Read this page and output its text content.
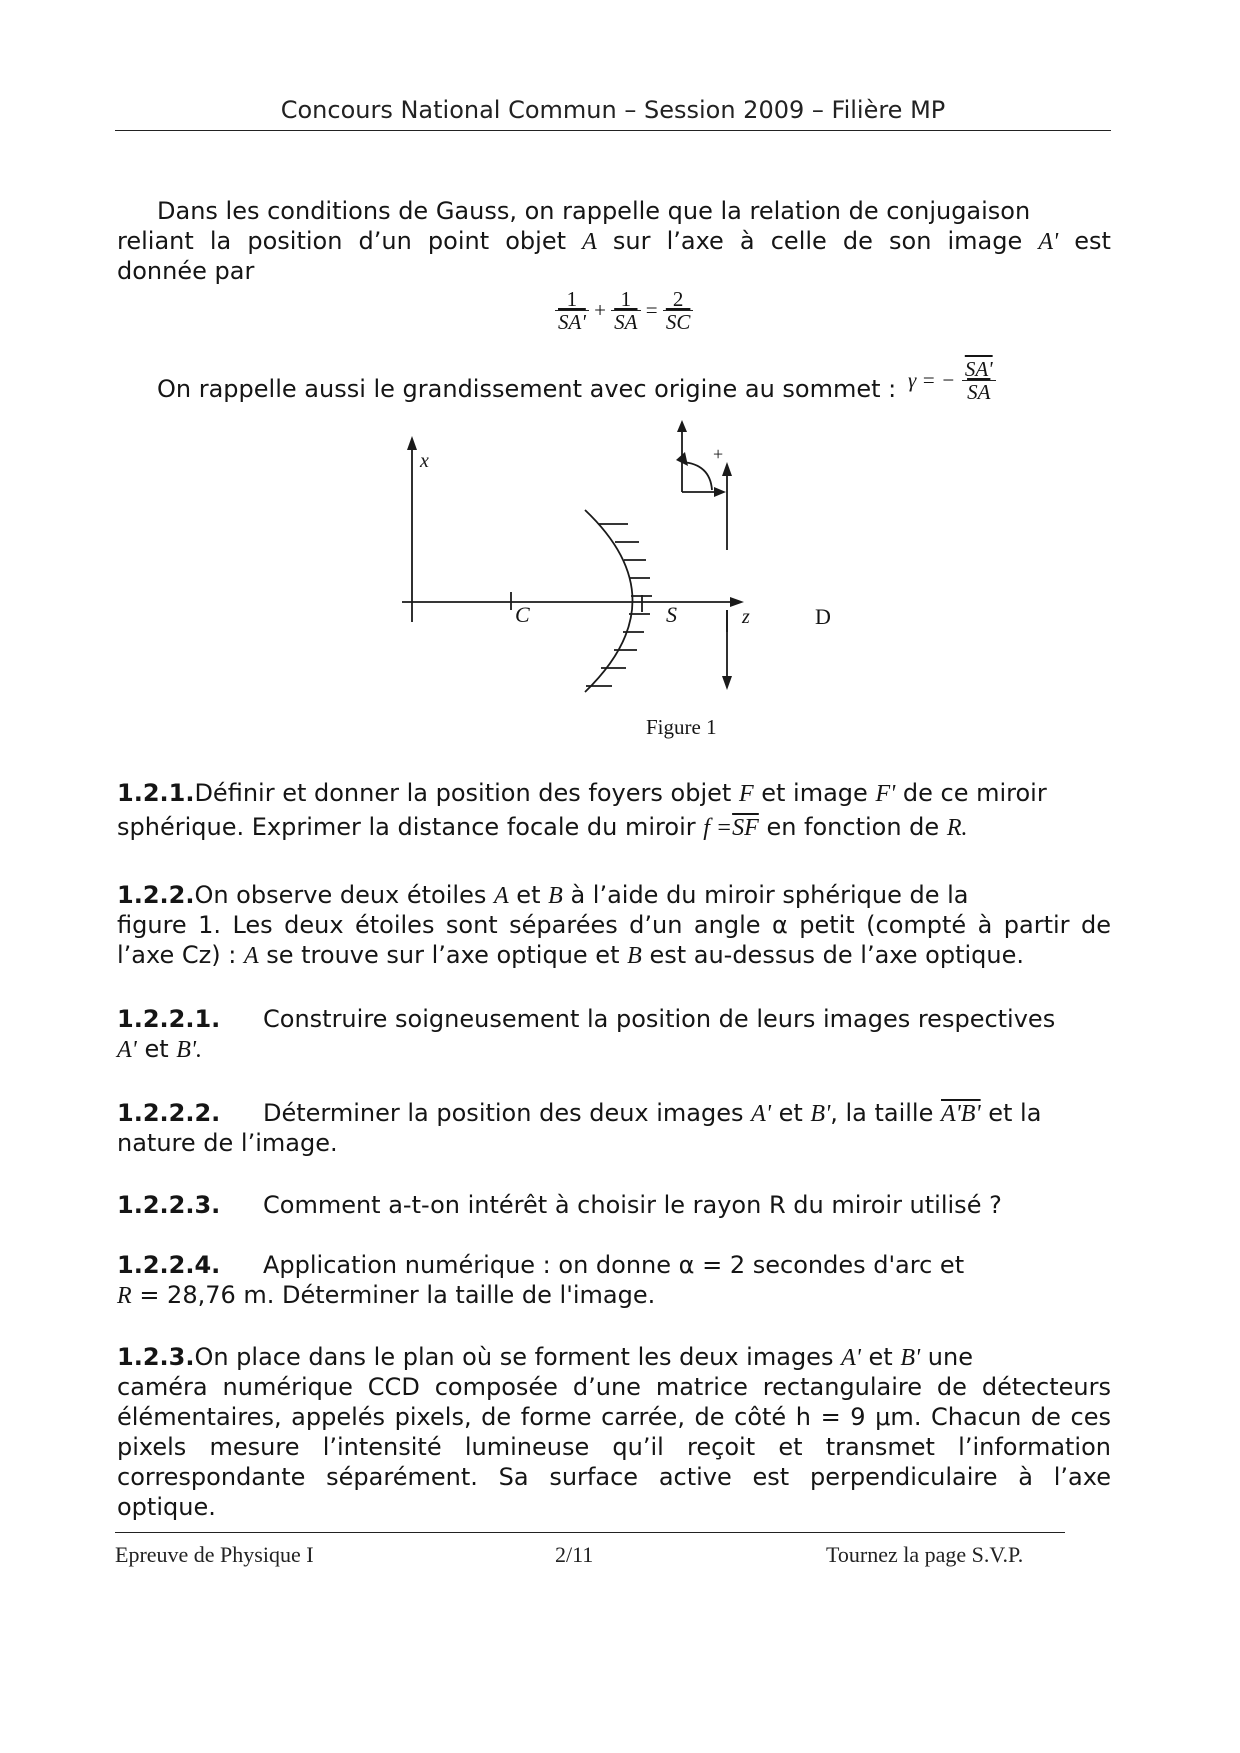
Concours National Commun – Session 2009 – Filière MP
Dans les conditions de Gauss, on rappelle que la relation de conjugaison
reliant la position d’un point objet A sur l’axe à celle de son image A' est
donnée par
$\frac{1}{SA'} + \frac{1}{SA} = \frac{2}{SC}$
On rappelle aussi le grandissement avec origine au sommet : γ = − $\frac{SA'}{SA}$
x
z
C	S	D
+
Figure 1
1.2.1.Définir et donner la position des foyers objet F et image F' de ce miroir
sphérique. Exprimer la distance focale du miroir $f =\overline{SF}$ en fonction de R.
1.2.2.On observe deux étoiles A et B à l’aide du miroir sphérique de la
figure 1. Les deux étoiles sont séparées d’un angle α petit (compté à partir de
l’axe Cz) : A se trouve sur l’axe optique et B est au-dessus de l’axe optique.
1.2.2.1. Construire soigneusement la position de leurs images respectives
A' et B'.
1.2.2.2. Déterminer la position des deux images A' et B', la taille A'B' et la
nature de l’image.
1.2.2.3. Comment a-t-on intérêt à choisir le rayon R du miroir utilisé ?
1.2.2.4. Application numérique : on donne α = 2 secondes d'arc et
R = 28,76 m. Déterminer la taille de l'image.
1.2.3.On place dans le plan où se forment les deux images A' et B' une
caméra numérique CCD composée d’une matrice rectangulaire de détecteurs
élémentaires, appelés pixels, de forme carrée, de côté h = 9 μm. Chacun de ces
pixels mesure l’intensité lumineuse qu’il reçoit et transmet l’information
correspondante séparément. Sa surface active est perpendiculaire à l’axe
optique.
Epreuve de Physique I	2/11	Tournez la page S.V.P.
